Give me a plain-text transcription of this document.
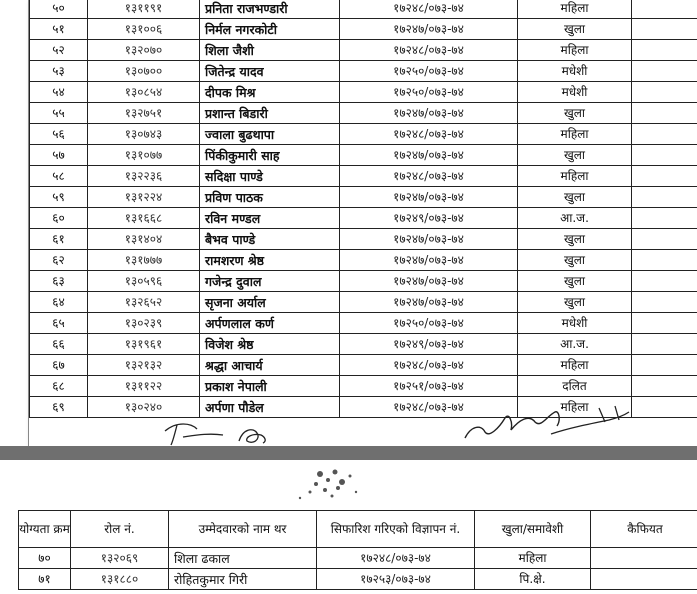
५०	१३११९१	प्रनिता राजभण्डारी	१७२४८/०७३-७४	महिला	
५१	१३१००६	निर्मल नगरकोटी	१७२४७/०७३-७४	खुला	
५२	१३२०७०	शिला जैशी	१७२४८/०७३-७४	महिला	
५३	१३०७००	जितेन्द्र यादव	१७२५०/०७३-७४	मधेशी	
५४	१३०८५४	दीपक मिश्र	१७२५०/०७३-७४	मधेशी	
५५	१३२७५१	प्रशान्त बिडारी	१७२४७/०७३-७४	खुला	
५६	१३०७४३	ज्वाला बुढथापा	१७२४८/०७३-७४	महिला	
५७	१३१०७७	पिंकीकुमारी साह	१७२४७/०७३-७४	खुला	
५८	१३२२३६	सदिक्षा पाण्डे	१७२४८/०७३-७४	महिला	
५९	१३१२२४	प्रविण पाठक	१७२४७/०७३-७४	खुला	
६०	१३१६६८	रविन मण्डल	१७२४९/०७३-७४	आ.ज.	
६१	१३१४०४	बैभव पाण्डे	१७२४७/०७३-७४	खुला	
६२	१३१७७७	रामशरण श्रेष्ठ	१७२४७/०७३-७४	खुला	
६३	१३०५९६	गजेन्द्र दुवाल	१७२४७/०७३-७४	खुला	
६४	१३२६५२	सृजना अर्याल	१७२४७/०७३-७४	खुला	
६५	१३०२३९	अर्पणलाल कर्ण	१७२५०/०७३-७४	मधेशी	
६६	१३१९६१	विजेश श्रेष्ठ	१७२४९/०७३-७४	आ.ज.	
६७	१३२१३२	श्रद्धा आचार्य	१७२४८/०७३-७४	महिला	
६८	१३११२२	प्रकाश नेपाली	१७२५१/०७३-७४	दलित	
६९	१३०२४०	अर्पणा पौडेल	१७२४८/०७३-७४	महिला	
योग्यता क्रम	रोल नं.	उम्मेदवारको नाम थर	सिफारिश गरिएको विज्ञापन नं.	खुला/समावेशी	कैफियत
७०	१३२०६९	शिला ढकाल	१७२४८/०७३-७४	महिला	
७१	१३१८८०	रोहितकुमार गिरी	१७२५३/०७३-७४	पि.क्षे.	
